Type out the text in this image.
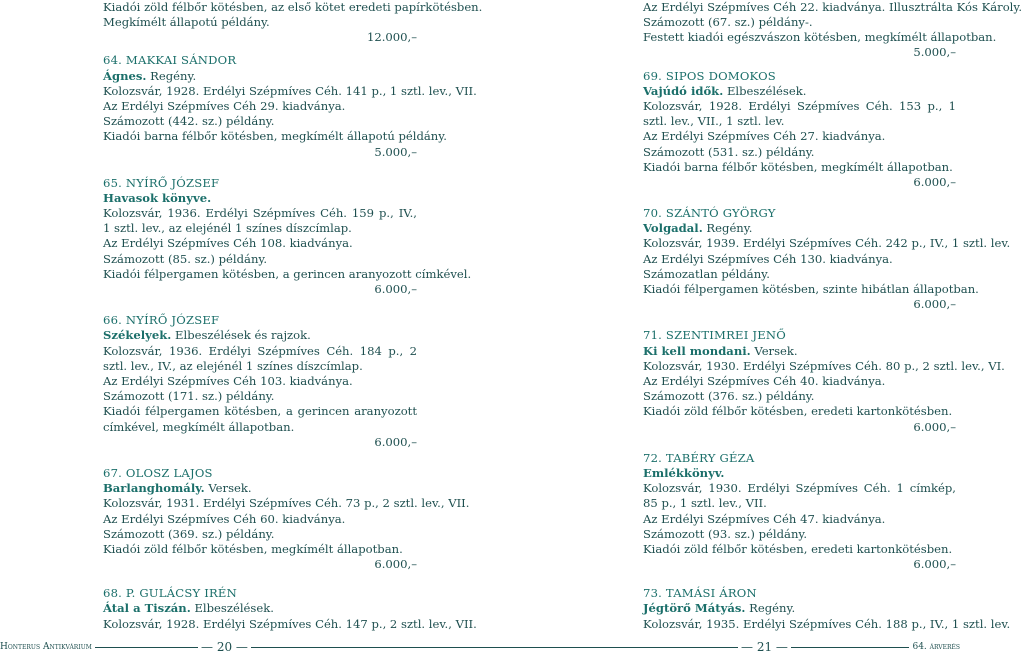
Kiadói zöld félbőr kötésben, az első kötet eredeti papírkötésben.
Megkímélt állapotú példány.
12.000,–
64. MAKKAI SÁNDOR
Ágnes. Regény.
Kolozsvár, 1928. Erdélyi Szépmíves Céh. 141 p., 1 sztl. lev., VII.
Az Erdélyi Szépmíves Céh 29. kiadványa.
Számozott (442. sz.) példány.
Kiadói barna félbőr kötésben, megkímélt állapotú példány.
5.000,–
65. NYÍRŐ JÓZSEF
Havasok könyve.
Kolozsvár, 1936. Erdélyi Szépmíves Céh. 159 p., IV., 1 sztl. lev., az elejénél 1 színes díszcímlap.
Az Erdélyi Szépmíves Céh 108. kiadványa.
Számozott (85. sz.) példány.
Kiadói félpergamen kötésben, a gerincen aranyozott címkével.
6.000,–
66. NYÍRŐ JÓZSEF
Székelyek. Elbeszélések és rajzok.
Kolozsvár, 1936. Erdélyi Szépmíves Céh. 184 p., 2 sztl. lev., IV., az elejénél 1 színes díszcímlap.
Az Erdélyi Szépmíves Céh 103. kiadványa.
Számozott (171. sz.) példány.
Kiadói félpergamen kötésben, a gerincen aranyozott címkével, megkímélt állapotban.
6.000,–
67. OLOSZ LAJOS
Barlanghomály. Versek.
Kolozsvár, 1931. Erdélyi Szépmíves Céh. 73 p., 2 sztl. lev., VII.
Az Erdélyi Szépmíves Céh 60. kiadványa.
Számozott (369. sz.) példány.
Kiadói zöld félbőr kötésben, megkímélt állapotban.
6.000,–
68. P. GULÁCSY IRÉN
Átal a Tiszán. Elbeszélések.
Kolozsvár, 1928. Erdélyi Szépmíves Céh. 147 p., 2 sztl. lev., VII.
Az Erdélyi Szépmíves Céh 22. kiadványa. Illusztrálta Kós Károly.
Számozott (67. sz.) példány-.
Festett kiadói egészvászon kötésben, megkímélt állapotban.
5.000,–
69. SIPOS DOMOKOS
Vajúdó idők. Elbeszélések.
Kolozsvár, 1928. Erdélyi Szépmíves Céh. 153 p., 1 sztl. lev., VII., 1 sztl. lev.
Az Erdélyi Szépmíves Céh 27. kiadványa.
Számozott (531. sz.) példány.
Kiadói barna félbőr kötésben, megkímélt állapotban.
6.000,–
70. SZÁNTÓ GYÖRGY
Volgadal. Regény.
Kolozsvár, 1939. Erdélyi Szépmíves Céh. 242 p., IV., 1 sztl. lev.
Az Erdélyi Szépmíves Céh 130. kiadványa.
Számozatlan példány.
Kiadói félpergamen kötésben, szinte hibátlan állapotban.
6.000,–
71. SZENTIMREI JENŐ
Ki kell mondani. Versek.
Kolozsvár, 1930. Erdélyi Szépmíves Céh. 80 p., 2 sztl. lev., VI.
Az Erdélyi Szépmíves Céh 40. kiadványa.
Számozott (376. sz.) példány.
Kiadói zöld félbőr kötésben, eredeti kartonkötésben.
6.000,–
72. TABÉRY GÉZA
Emlékkönyv.
Kolozsvár, 1930. Erdélyi Szépmíves Céh. 1 címkép, 85 p., 1 sztl. lev., VII.
Az Erdélyi Szépmíves Céh 47. kiadványa.
Számozott (93. sz.) példány.
Kiadói zöld félbőr kötésben, eredeti kartonkötésben.
6.000,–
73. TAMÁSI ÁRON
Jégtörő Mátyás. Regény.
Kolozsvár, 1935. Erdélyi Szépmíves Céh. 188 p., IV., 1 sztl. lev.
Honterus Antikvárium	— 20 —	— 21 —	64. árverés
